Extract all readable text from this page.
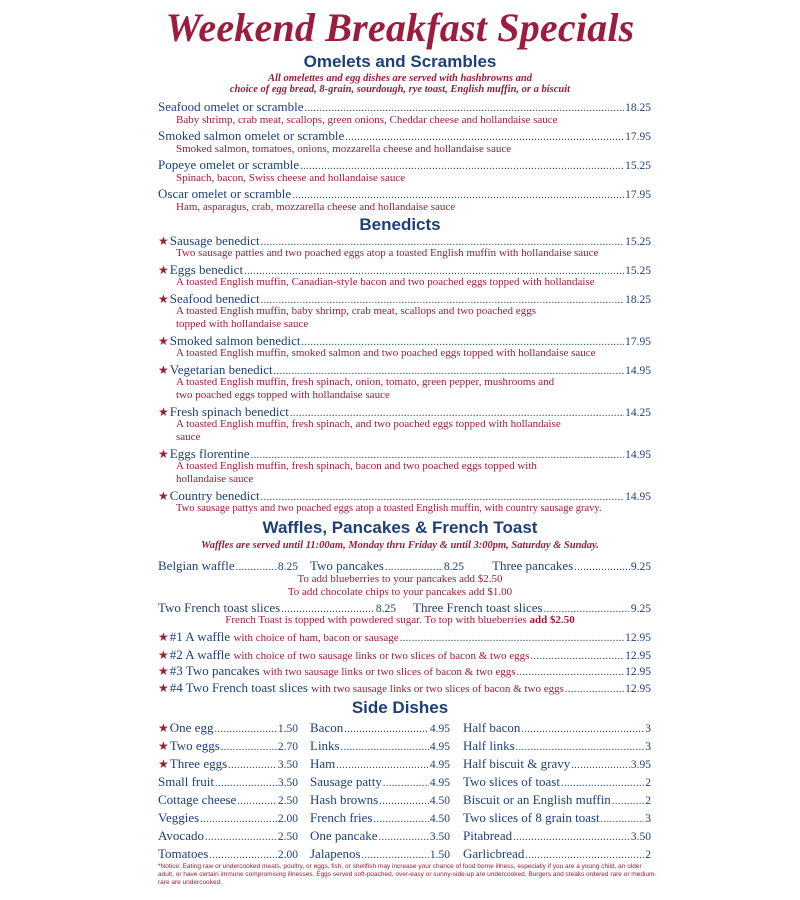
Weekend Breakfast Specials
Omelets and Scrambles
All omelettes and egg dishes are served with hashbrowns and
choice of egg bread, 8-grain, sourdough, rye toast, English muffin, or a biscuit
Seafood omelet or scramble .....	18.25
Baby shrimp, crab meat, scallops, green onions, Cheddar cheese and hollandaise sauce
Smoked salmon omelet or scramble .....	17.95
Smoked salmon, tomatoes, onions, mozzarella cheese and hollandaise sauce
Popeye omelet or scramble .....	15.25
Spinach, bacon, Swiss cheese and hollandaise sauce
Oscar omelet or scramble .....	17.95
Ham, asparagus, crab, mozzarella cheese and hollandaise sauce
Benedicts
★ Sausage benedict .....	15.25
Two sausage patties and two poached eggs atop a toasted English muffin with hollandaise sauce
★ Eggs benedict .....	15.25
A toasted English muffin, Canadian-style bacon and two poached eggs topped with hollandaise
★ Seafood benedict .....	18.25
A toasted English muffin, baby shrimp, crab meat, scallops and two poached eggs
topped with hollandaise sauce
★ Smoked salmon benedict .....	17.95
A toasted English muffin, smoked salmon and two poached eggs topped with hollandaise sauce
★ Vegetarian benedict .....	14.95
A toasted English muffin, fresh spinach, onion, tomato, green pepper, mushrooms and
two poached eggs topped with hollandaise sauce
★ Fresh spinach benedict .....	14.25
A toasted English muffin, fresh spinach, and two poached eggs topped with hollandaise
sauce
★ Eggs florentine .....	14.95
A toasted English muffin, fresh spinach, bacon and two poached eggs topped with
hollandaise sauce
★ Country benedict .....	14.95
Two sausage pattys and two poached eggs atop a toasted English muffin, with country sausage gravy.
Waffles, Pancakes & French Toast
Waffles are served until 11:00am, Monday thru Friday & until 3:00pm, Saturday & Sunday.
Belgian waffle .....	8.25 Two pancakes .....	8.25 Three pancakes .....	9.25
To add blueberries to your pancakes add $2.50
To add chocolate chips to your pancakes add $1.00
Two French toast slices .....	8.25 Three French toast slices .....	9.25
French Toast is topped with powdered sugar. To top with blueberries add $2.50
★ #1 A waffle
with choice of ham, bacon or sausage .....	12.95
★ #2 A waffle
with choice of two sausage links or two slices of bacon & two eggs .....	12.95
★ #3 Two pancakes
with two sausage links or two slices of bacon & two eggs .....	12.95
★ #4 Two French toast slices
with two sausage links or two slices of bacon & two eggs .....	12.95
Side Dishes
★ One egg .....	1.50
★ Two eggs .....	2.70
★ Three eggs .....	3.50
Small fruit .....	3.50
Cottage cheese .....	2.50
Veggies .....	2.00
Avocado .....	2.50
Tomatoes .....	2.00
Bacon .....	4.95
Links .....	4.95
Ham .....	4.95
Sausage patty .....	4.95
Hash browns .....	4.50
French fries .....	4.50
One pancake .....	3.50
Jalapenos .....	1.50
Half bacon .....	3
Half links .....	3
Half biscuit & gravy .....	3.95
Two slices of toast .....	2
Biscuit or an English muffin .....	2
Two slices of 8 grain toast .....	3
Pitabread .....	3.50
Garlicbread .....	2
*Notice: Eating raw or undercooked meats, poultry, or eggs, fish, or shellfish may increase your chance of food borne illness, especially if you are a young child, an older adult, or have certain immune compromising illnesses. Eggs served soft-poached, over-easy or sunny-side-up are undercooked. Burgers and steaks ordered rare or medium-rare are undercooked.
